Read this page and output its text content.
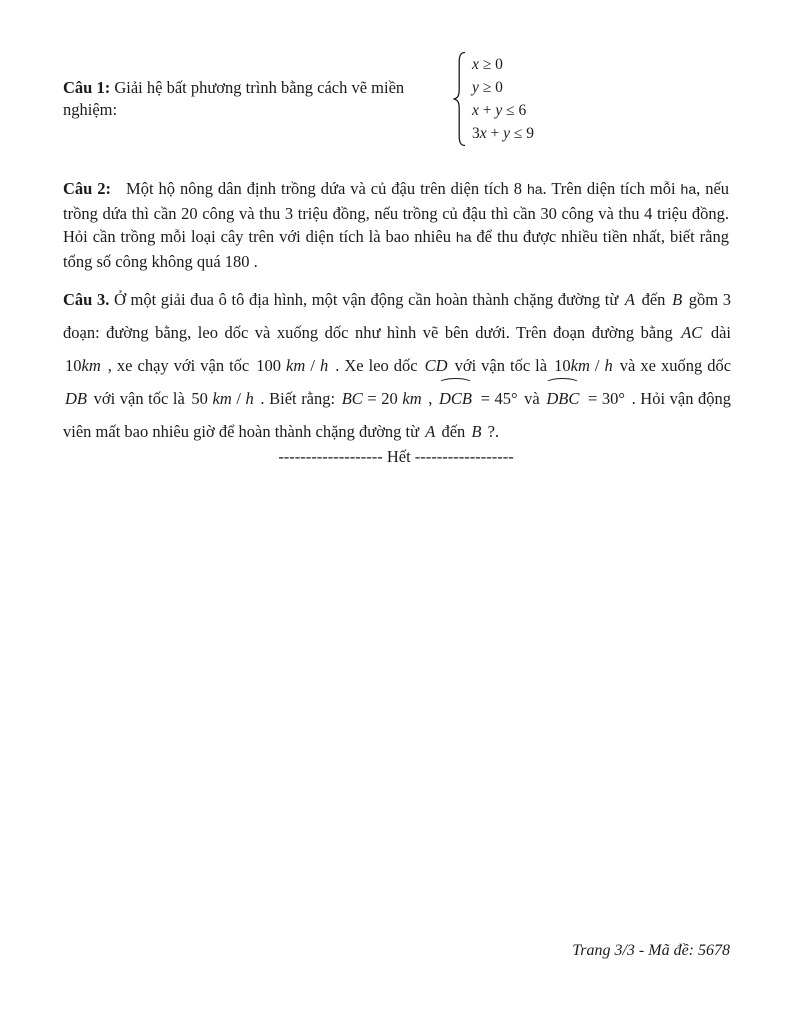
Câu 1: Giải hệ bất phương trình bằng cách vẽ miền nghiệm:

x ≥ 0
y ≥ 0
x + y ≤ 6
3x + y ≤ 9

Câu 2: Một hộ nông dân định trồng dứa và củ đậu trên diện tích 8 ha. Trên diện tích mỗi ha, nếu trồng dứa thì cần 20 công và thu 3 triệu đồng, nếu trồng củ đậu thì cần 30 công và thu 4 triệu đồng. Hỏi cần trồng mỗi loại cây trên với diện tích là bao nhiêu ha để thu được nhiều tiền nhất, biết rằng tổng số công không quá 180 .

Câu 3. Ở một giải đua ô tô địa hình, một vận động cần hoàn thành chặng đường từ A đến B gồm 3 đoạn: đường bằng, leo dốc và xuống dốc như hình vẽ bên dưới. Trên đoạn đường bằng AC dài 10km , xe chạy với vận tốc 100 km / h . Xe leo dốc CD với vận tốc là 10km / h và xe xuống dốc DB với vận tốc là 50 km / h . Biết rằng: BC = 20 km , DCB = 45° và DBC = 30° . Hỏi vận động viên mất bao nhiêu giờ để hoàn thành chặng đường từ A đến B ?.

------------------- Hết ------------------

Trang 3/3 - Mã đề: 5678
